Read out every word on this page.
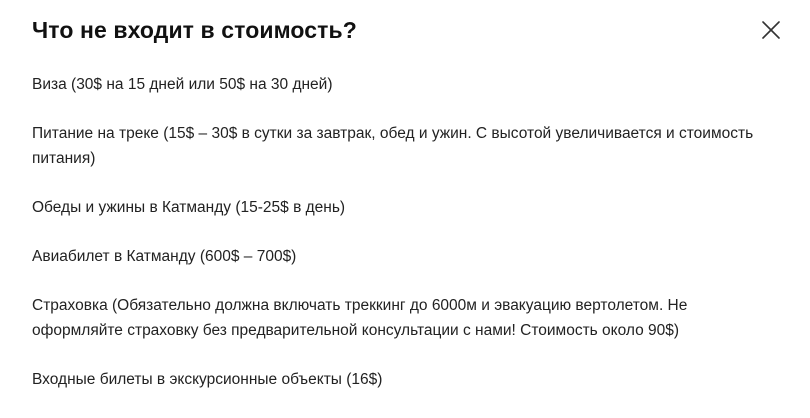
Что не входит в стоимость?
Виза (30$ на 15 дней или 50$ на 30 дней)
Питание на треке (15$ – 30$ в сутки за завтрак, обед и ужин. С высотой увеличивается и стоимость питания)
Обеды и ужины в Катманду (15-25$ в день)
Авиабилет в Катманду (600$ – 700$)
Страховка (Обязательно должна включать треккинг до 6000м и эвакуацию вертолетом. Не оформляйте страховку без предварительной консультации с нами! Стоимость около 90$)
Входные билеты в экскурсионные объекты (16$)
